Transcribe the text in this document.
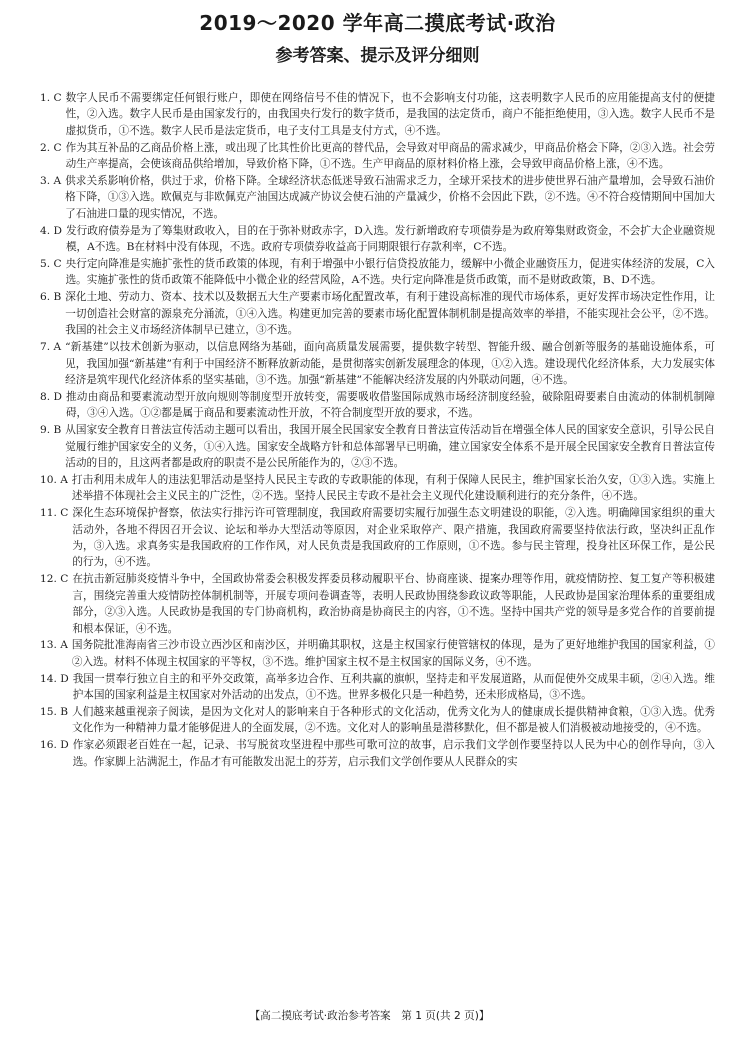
2019～2020 学年高二摸底考试·政治
参考答案、提示及评分细则
1. C 数字人民币不需要绑定任何银行账户，即使在网络信号不佳的情况下，也不会影响支付功能，这表明数字人民币的应用能提高支付的便捷性，②入选。数字人民币是由国家发行的，由我国央行发行的数字货币，是我国的法定货币，商户不能拒绝使用，③入选。数字人民币不是虚拟货币，①不选。数字人民币是法定货币，电子支付工具是支付方式，④不选。
2. C 作为其互补品的乙商品价格上涨，或出现了比其性价比更高的替代品，会导致对甲商品的需求减少，甲商品价格会下降，②③入选。社会劳动生产率提高，会使该商品供给增加，导致价格下降，①不选。生产甲商品的原材料价格上涨，会导致甲商品价格上涨，④不选。
3. A 供求关系影响价格，供过于求，价格下降。全球经济状态低迷导致石油需求乏力，全球开采技术的进步使世界石油产量增加，会导致石油价格下降，①③入选。欧佩克与非欧佩克产油国达成减产协议会使石油的产量减少，价格不会因此下跌，②不选。④不符合疫情期间中国加大了石油进口量的现实情况，不选。
4. D 发行政府债券是为了筹集财政收入，目的在于弥补财政赤字，D入选。发行新增政府专项债券是为政府筹集财政资金，不会扩大企业融资规模，A不选。B在材料中没有体现，不选。政府专项债券收益高于同期限银行存款利率，C不选。
5. C 央行定向降准是实施扩张性的货币政策的体现，有利于增强中小银行信贷投放能力，缓解中小微企业融资压力，促进实体经济的发展，C入选。实施扩张性的货币政策不能降低中小微企业的经营风险，A不选。央行定向降准是货币政策，而不是财政政策，B、D不选。
6. B 深化土地、劳动力、资本、技术以及数据五大生产要素市场化配置改革，有利于建设高标准的现代市场体系，更好发挥市场决定性作用，让一切创造社会财富的源泉充分涌流，①④入选。构建更加完善的要素市场化配置体制机制是提高效率的举措，不能实现社会公平，②不选。我国的社会主义市场经济体制早已建立，③不选。
7. A “新基建”以技术创新为驱动，以信息网络为基础，面向高质量发展需要，提供数字转型、智能升级、融合创新等服务的基础设施体系，可见，我国加强“新基建”有利于中国经济不断释放新动能，是贯彻落实创新发展理念的体现，①②入选。建设现代化经济体系，大力发展实体经济是筑牢现代化经济体系的坚实基础，③不选。加强“新基建”不能解决经济发展的内外联动问题，④不选。
8. D 推动由商品和要素流动型开放向规则等制度型开放转变，需要吸收借鉴国际成熟市场经济制度经验，破除阻碍要素自由流动的体制机制障碍，③④入选。①②都是属于商品和要素流动性开放，不符合制度型开放的要求，不选。
9. B 从国家安全教育日普法宣传活动主题可以看出，我国开展全民国家安全教育日普法宣传活动旨在增强全体人民的国家安全意识，引导公民自觉履行维护国家安全的义务，①④入选。国家安全战略方针和总体部署早已明确，建立国家安全体系不是开展全民国家安全教育日普法宣传活动的目的，且这两者都是政府的职责不是公民所能作为的，②③不选。
10. A 打击利用未成年人的违法犯罪活动是坚持人民民主专政的专政职能的体现，有利于保障人民民主，维护国家长治久安，①③入选。实施上述举措不体现社会主义民主的广泛性，②不选。坚持人民民主专政不是社会主义现代化建设顺利进行的充分条件，④不选。
11. C 深化生态环境保护督察，依法实行排污许可管理制度，我国政府需要切实履行加强生态文明建设的职能，②入选。明确障国家组织的重大活动外，各地不得因召开会议、论坛和举办大型活动等原因，对企业采取停产、限产措施，我国政府需要坚持依法行政，坚决纠正乱作为，③入选。求真务实是我国政府的工作作风，对人民负责是我国政府的工作原则，①不选。参与民主管理，投身社区环保工作，是公民的行为，④不选。
12. C 在抗击新冠肺炎疫情斗争中，全国政协常委会积极发挥委员移动履职平台、协商座谈、提案办理等作用，就疫情防控、复工复产等积极建言，围绕完善重大疫情防控体制机制等，开展专项问卷调查等，表明人民政协围绕参政议政等职能，人民政协是国家治理体系的重要组成部分，②③入选。人民政协是我国的专门协商机构，政治协商是协商民主的内容，①不选。坚持中国共产党的领导是多党合作的首要前提和根本保证，④不选。
13. A 国务院批准海南省三沙市设立西沙区和南沙区，并明确其职权，这是主权国家行使管辖权的体现，是为了更好地维护我国的国家利益，①②入选。材料不体现主权国家的平等权，③不选。维护国家主权不是主权国家的国际义务，④不选。
14. D 我国一贯奉行独立自主的和平外交政策，高举多边合作、互利共赢的旗帜，坚持走和平发展道路，从而促使外交成果丰硕，②④入选。维护本国的国家利益是主权国家对外活动的出发点，①不选。世界多极化只是一种趋势，还未形成格局，③不选。
15. B 人们越来越重视亲子阅读，是因为文化对人的影响来自于各种形式的文化活动，优秀文化为人的健康成长提供精神食粮，①③入选。优秀文化作为一种精神力量才能够促进人的全面发展，②不选。文化对人的影响虽是潜移默化，但不都是被人们消极被动地接受的，④不选。
16. D 作家必须跟老百姓在一起，记录、书写脱贫攻坚进程中那些可歌可泣的故事，启示我们文学创作要坚持以人民为中心的创作导向，③入选。作家脚上沾满泥土，作品才有可能散发出泥土的芬芳，启示我们文学创作要从人民群众的实
【高二摸底考试·政治参考答案　第 1 页(共 2 页)】
